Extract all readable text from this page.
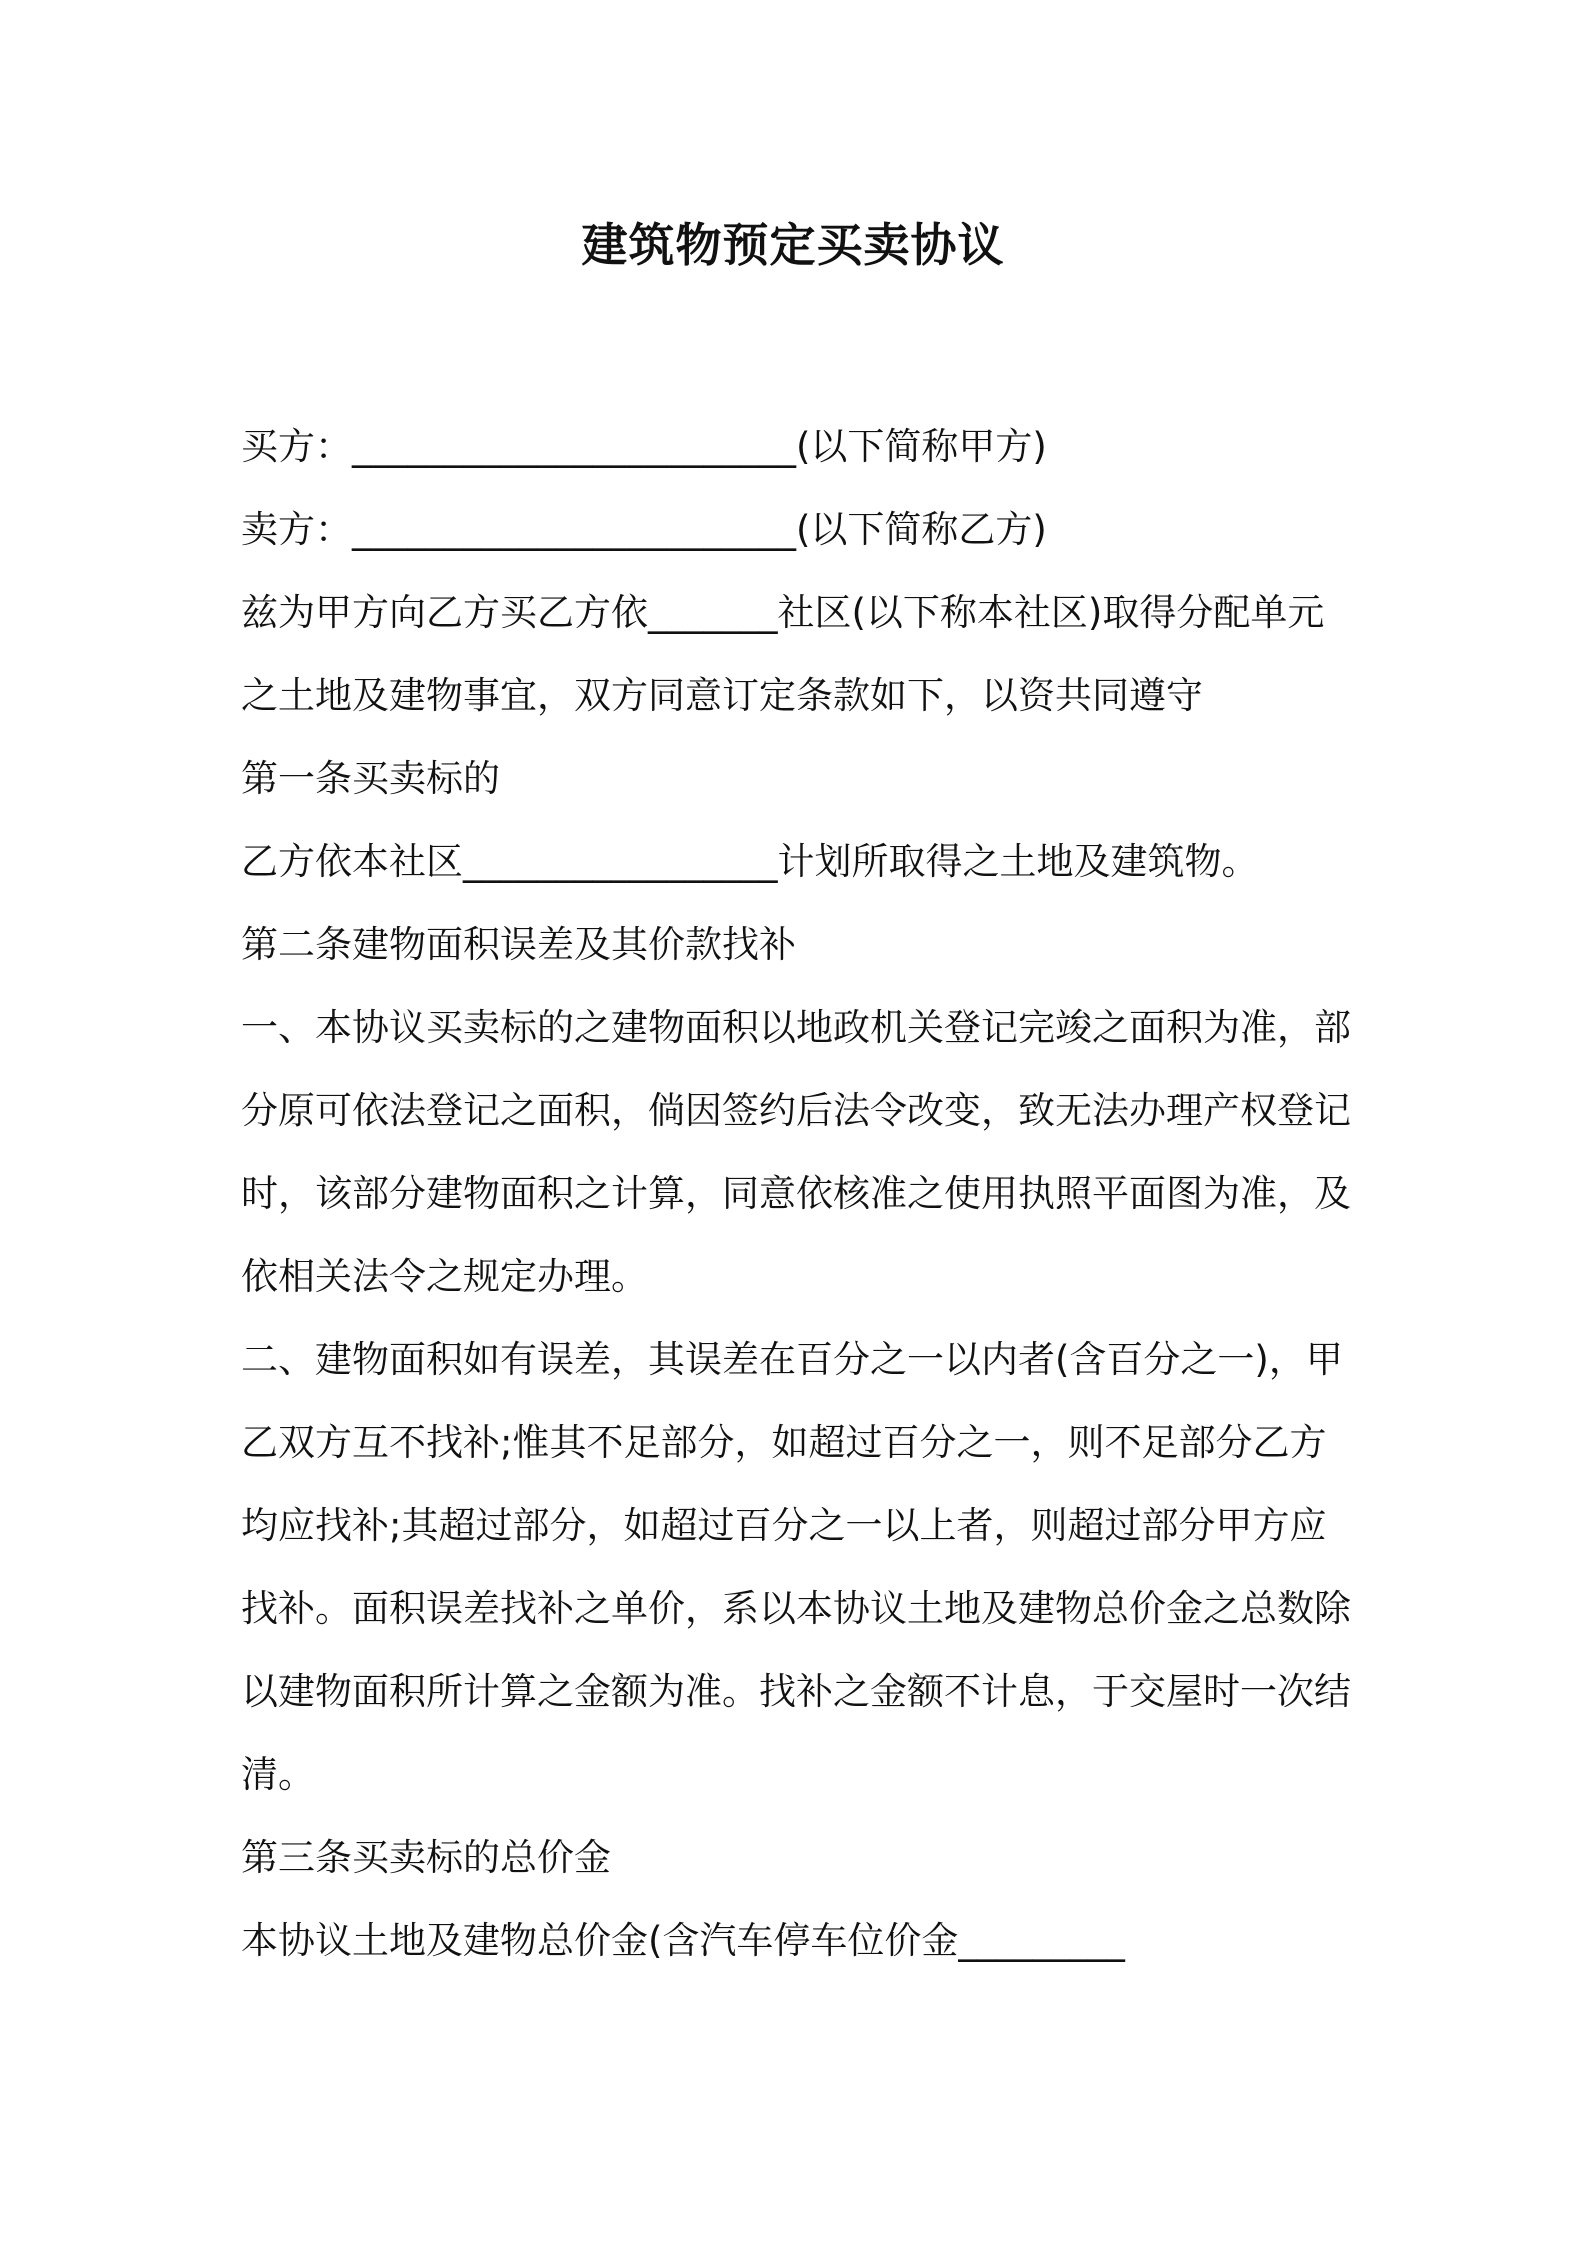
建筑物预定买卖协议
买方：________________________(以下简称甲方)
卖方：________________________(以下简称乙方)
兹为甲方向乙方买乙方依_______社区(以下称本社区)取得分配单元
之土地及建物事宜，双方同意订定条款如下，以资共同遵守
第一条买卖标的
乙方依本社区_________________计划所取得之土地及建筑物。
第二条建物面积误差及其价款找补
一、本协议买卖标的之建物面积以地政机关登记完竣之面积为准，部
分原可依法登记之面积，倘因签约后法令改变，致无法办理产权登记
时，该部分建物面积之计算，同意依核准之使用执照平面图为准，及
依相关法令之规定办理。
二、建物面积如有误差，其误差在百分之一以内者(含百分之一)，甲
乙双方互不找补;惟其不足部分，如超过百分之一，则不足部分乙方
均应找补;其超过部分，如超过百分之一以上者，则超过部分甲方应
找补。面积误差找补之单价，系以本协议土地及建物总价金之总数除
以建物面积所计算之金额为准。找补之金额不计息，于交屋时一次结
清。
第三条买卖标的总价金
本协议土地及建物总价金(含汽车停车位价金_________
